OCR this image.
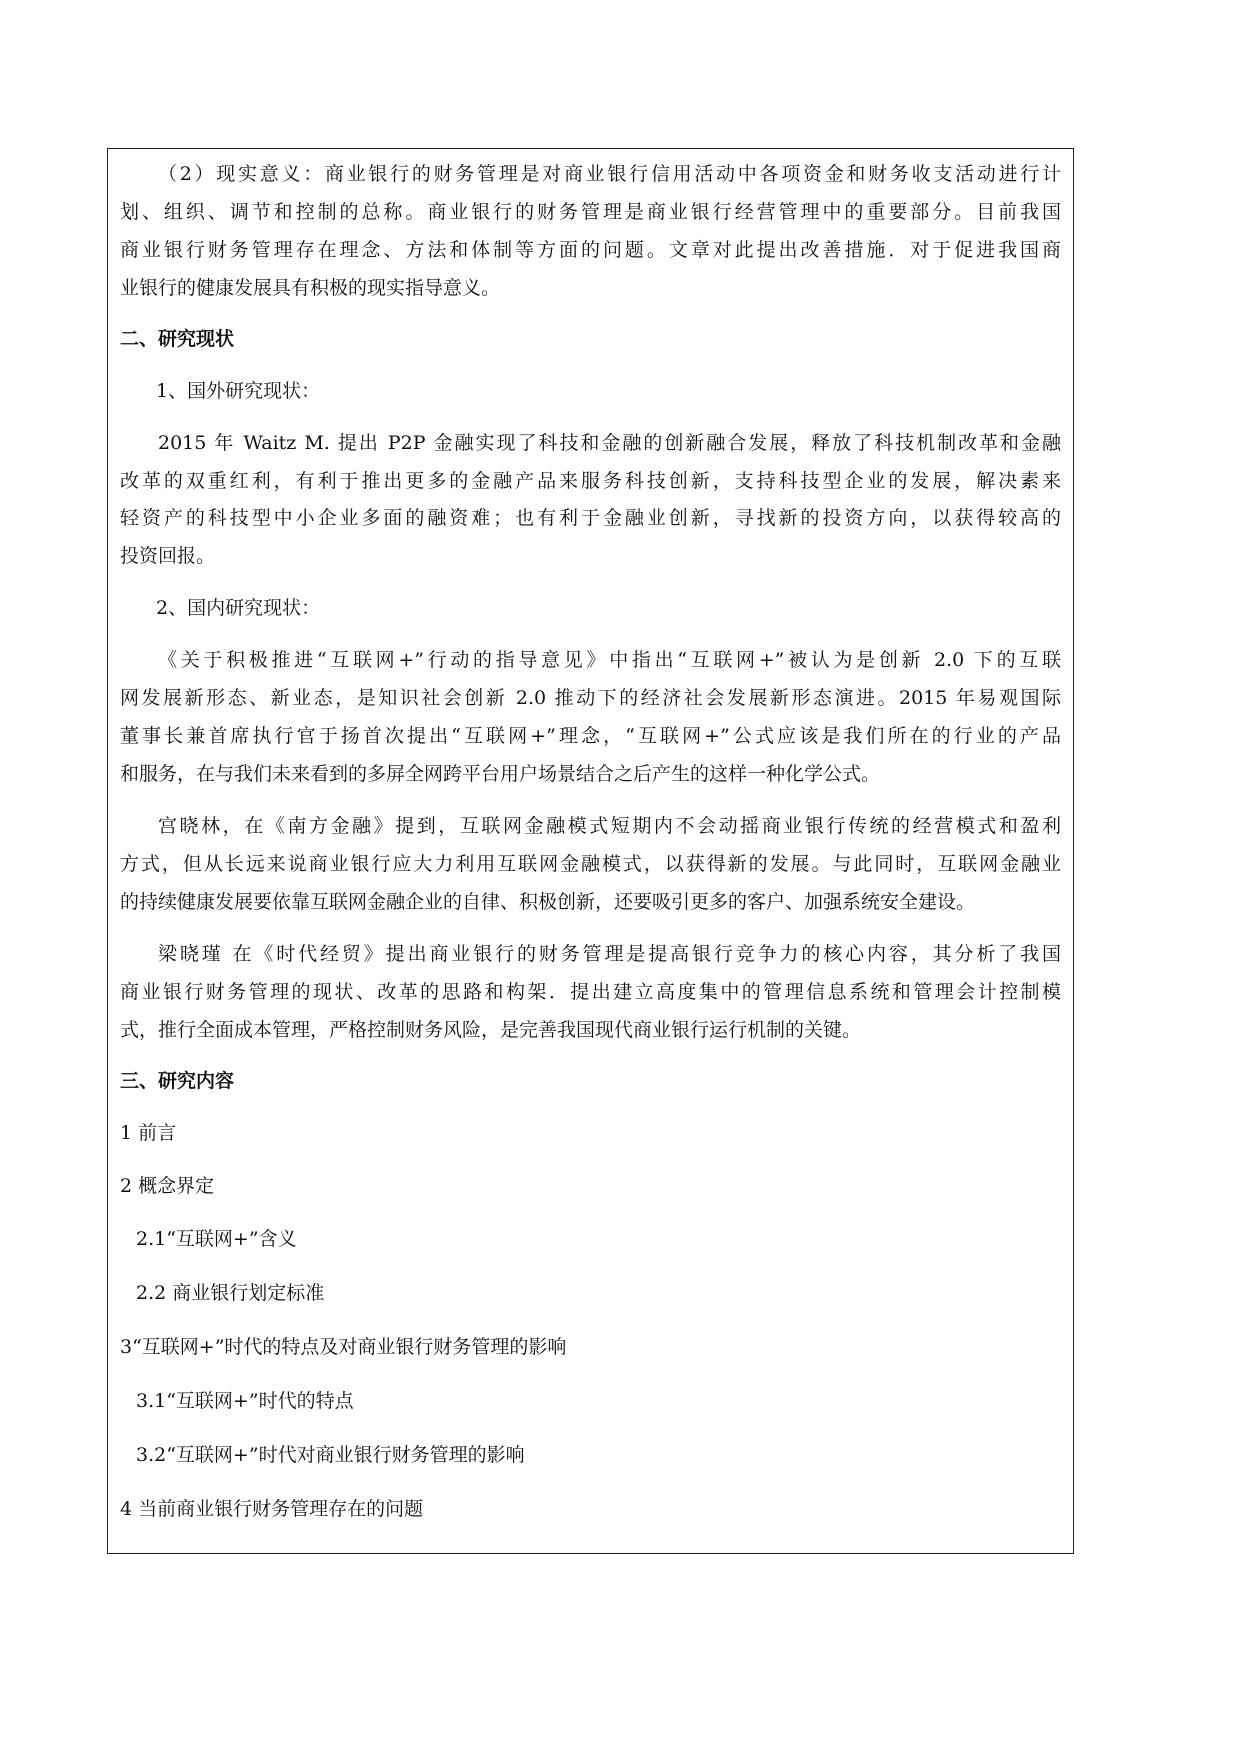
（2）现实意义：商业银行的财务管理是对商业银行信用活动中各项资金和财务收支活动进行计
划、组织、调节和控制的总称。商业银行的财务管理是商业银行经营管理中的重要部分。目前我国
商业银行财务管理存在理念、方法和体制等方面的问题。文章对此提出改善措施．对于促进我国商
业银行的健康发展具有积极的现实指导意义。
二、研究现状
1、国外研究现状：
2015 年 Waitz M. 提出 P2P 金融实现了科技和金融的创新融合发展，释放了科技机制改革和金融
改革的双重红利，有利于推出更多的金融产品来服务科技创新，支持科技型企业的发展，解决素来
轻资产的科技型中小企业多面的融资难；也有利于金融业创新，寻找新的投资方向，以获得较高的
投资回报。
2、国内研究现状：
《关于积极推进“互联网+”行动的指导意见》中指出“互联网+”被认为是创新 2.0 下的互联
网发展新形态、新业态，是知识社会创新 2.0 推动下的经济社会发展新形态演进。2015 年易观国际
董事长兼首席执行官于扬首次提出“互联网+”理念，“互联网+”公式应该是我们所在的行业的产品
和服务，在与我们未来看到的多屏全网跨平台用户场景结合之后产生的这样一种化学公式。
宫晓林，在《南方金融》提到，互联网金融模式短期内不会动摇商业银行传统的经营模式和盈利
方式，但从长远来说商业银行应大力利用互联网金融模式，以获得新的发展。与此同时，互联网金融业
的持续健康发展要依靠互联网金融企业的自律、积极创新，还要吸引更多的客户、加强系统安全建设。
梁晓瑾 在《时代经贸》提出商业银行的财务管理是提高银行竞争力的核心内容，其分析了我国
商业银行财务管理的现状、改革的思路和构架．提出建立高度集中的管理信息系统和管理会计控制模
式，推行全面成本管理，严格控制财务风险，是完善我国现代商业银行运行机制的关键。
三、研究内容
1 前言
2 概念界定
2.1“互联网+”含义
2.2 商业银行划定标准
3“互联网+”时代的特点及对商业银行财务管理的影响
3.1“互联网+”时代的特点
3.2“互联网+”时代对商业银行财务管理的影响
4 当前商业银行财务管理存在的问题
